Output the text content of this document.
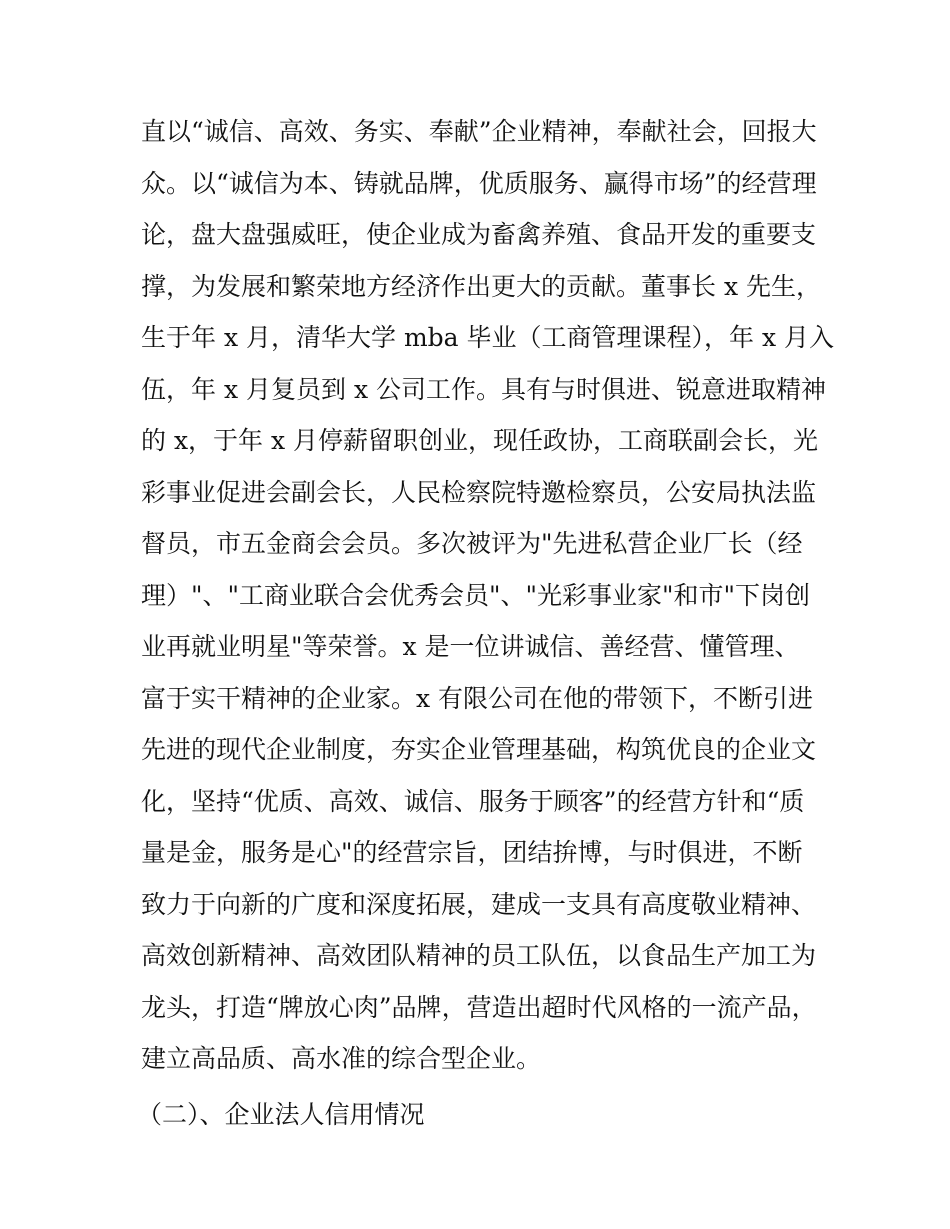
直以“诚信、高效、务实、奉献”企业精神，奉献社会，回报大
众。以“诚信为本、铸就品牌，优质服务、赢得市场”的经营理
论，盘大盘强威旺，使企业成为畜禽养殖、食品开发的重要支
撑，为发展和繁荣地方经济作出更大的贡献。董事长 x 先生，
生于年 x 月，清华大学 mba 毕业（工商管理课程），年 x 月入
伍，年 x 月复员到 x 公司工作。具有与时俱进、锐意进取精神
的 x，于年 x 月停薪留职创业，现任政协，工商联副会长，光
彩事业促进会副会长，人民检察院特邀检察员，公安局执法监
督员，市五金商会会员。多次被评为"先进私营企业厂长（经
理）"、"工商业联合会优秀会员"、"光彩事业家"和市"下岗创
业再就业明星"等荣誉。x 是一位讲诚信、善经营、懂管理、
富于实干精神的企业家。x 有限公司在他的带领下，不断引进
先进的现代企业制度，夯实企业管理基础，构筑优良的企业文
化，坚持“优质、高效、诚信、服务于顾客”的经营方针和“质
量是金，服务是心"的经营宗旨，团结拚博，与时俱进，不断
致力于向新的广度和深度拓展，建成一支具有高度敬业精神、
高效创新精神、高效团队精神的员工队伍，以食品生产加工为
龙头，打造“牌放心肉”品牌，营造出超时代风格的一流产品，
建立高品质、高水准的综合型企业。
（二）、企业法人信用情况
